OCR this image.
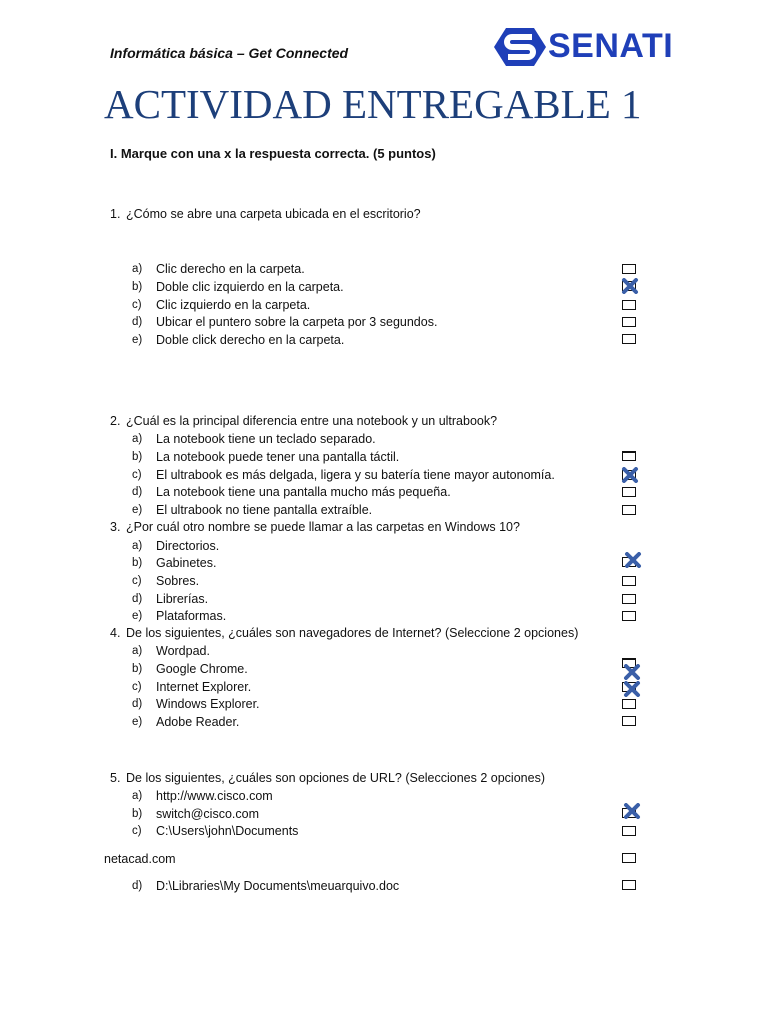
Informática básica – Get Connected	SENATI
ACTIVIDAD ENTREGABLE 1
I. Marque con una x la respuesta correcta. (5 puntos)
1. ¿Cómo se abre una carpeta ubicada en el escritorio?
a) Clic derecho en la carpeta.
b) Doble clic izquierdo en la carpeta.
c) Clic izquierdo en la carpeta.
d) Ubicar el puntero sobre la carpeta por 3 segundos.
e) Doble click derecho en la carpeta.
2. ¿Cuál es la principal diferencia entre una notebook y un ultrabook?
a) La notebook tiene un teclado separado.
b) La notebook puede tener una pantalla táctil.
c) El ultrabook es más delgada, ligera y su batería tiene mayor autonomía.
d) La notebook tiene una pantalla mucho más pequeña.
e) El ultrabook no tiene pantalla extraíble.
3. ¿Por cuál otro nombre se puede llamar a las carpetas en Windows 10?
a) Directorios.
b) Gabinetes.
c) Sobres.
d) Librerías.
e) Plataformas.
4. De los siguientes, ¿cuáles son navegadores de Internet? (Seleccione 2 opciones)
a) Wordpad.
b) Google Chrome.
c) Internet Explorer.
d) Windows Explorer.
e) Adobe Reader.
5. De los siguientes, ¿cuáles son opciones de URL? (Selecciones 2 opciones)
a) http://www.cisco.com
b) switch@cisco.com
c) C:\Users\john\Documents
netacad.com
d) D:\Libraries\My Documents\meuarquivo.doc
